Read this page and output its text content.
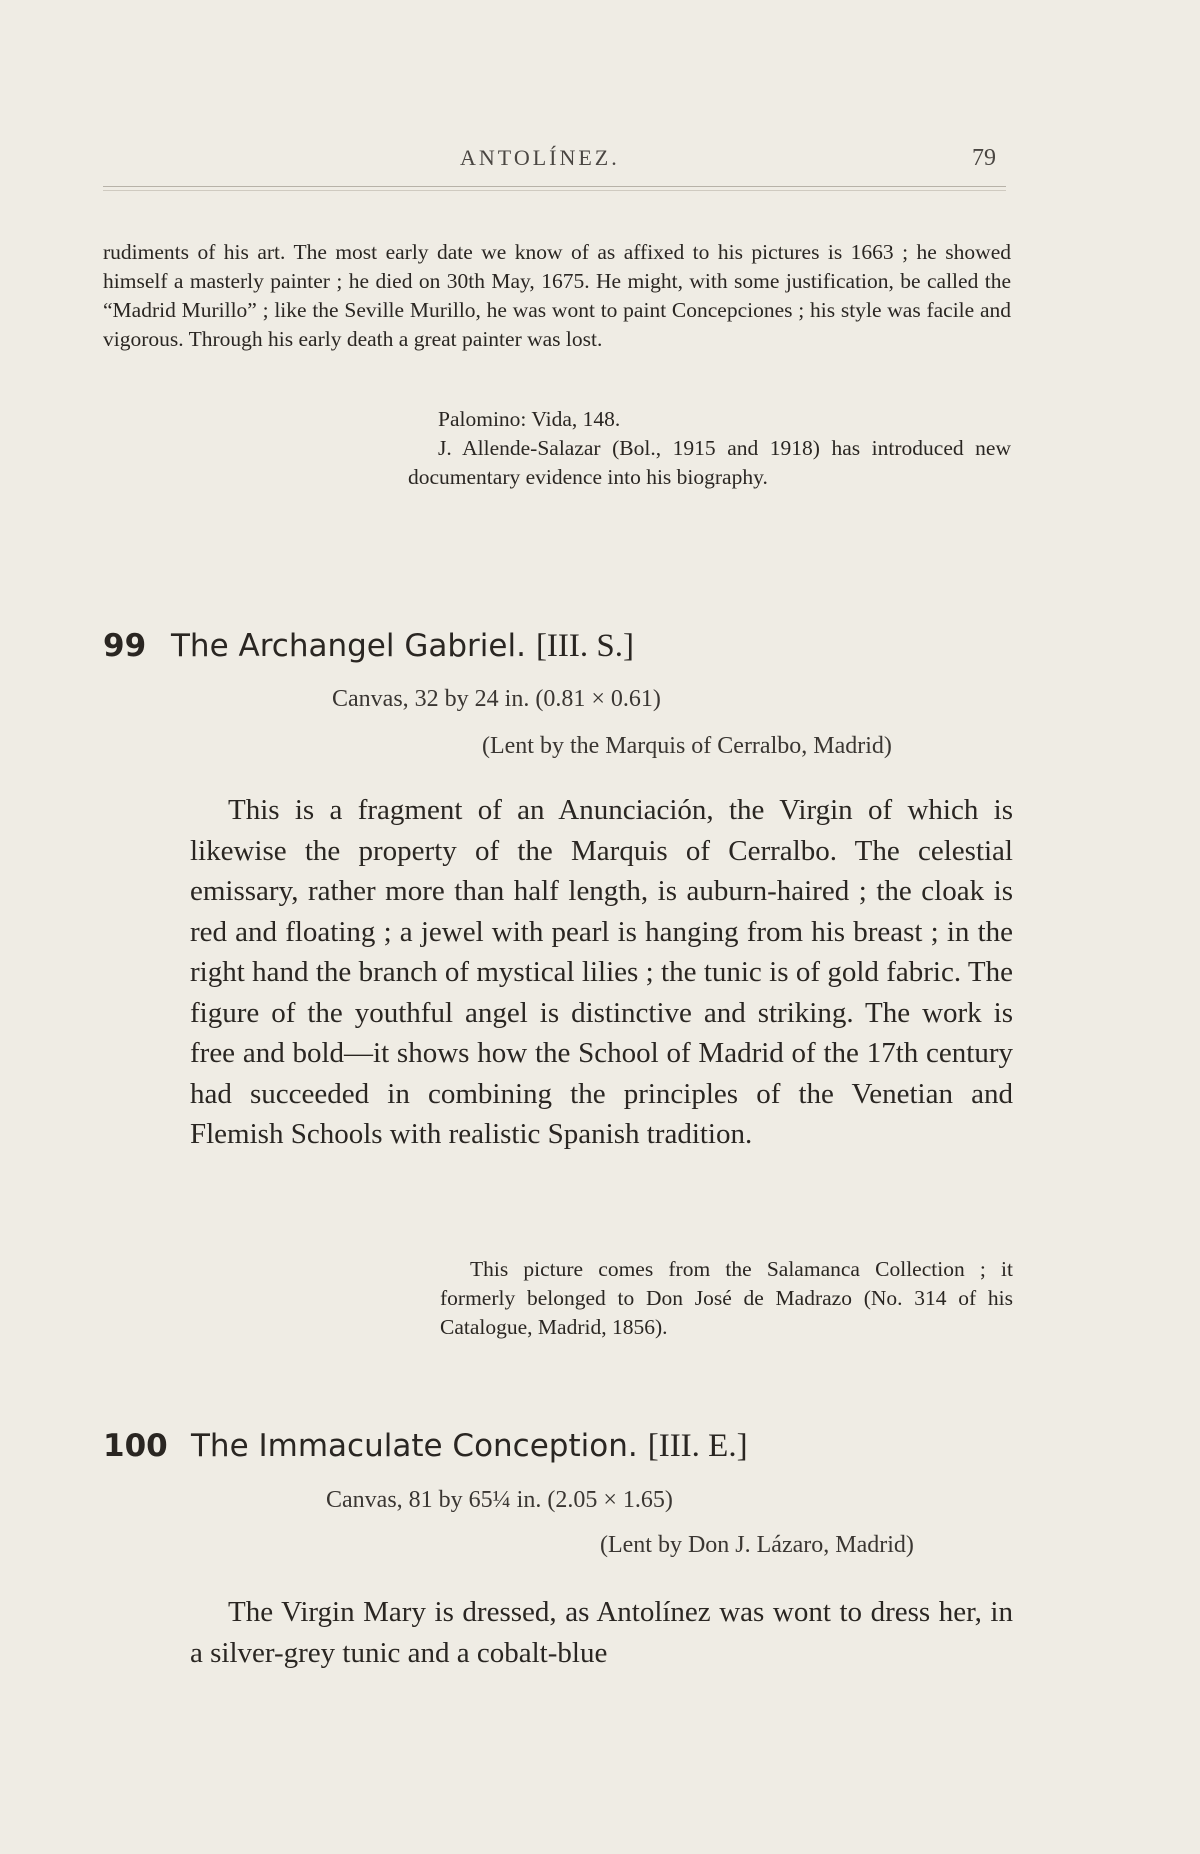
ANTOLÍNEZ.	79

rudiments of his art. The most early date we know of as affixed to his pictures is 1663 ; he showed himself a masterly painter ; he died on 30th May, 1675. He might, with some justification, be called the “Madrid Murillo” ; like the Seville Murillo, he was wont to paint Concepciones ; his style was facile and vigorous. Through his early death a great painter was lost.

Palomino: Vida, 148.

J. Allende-Salazar (Bol., 1915 and 1918) has introduced new documentary evidence into his biography.

99 The Archangel Gabriel. [III. S.]
Canvas, 32 by 24 in. (0.81 × 0.61)
(Lent by the Marquis of Cerralbo, Madrid)

This is a fragment of an Anunciación, the Virgin of which is likewise the property of the Marquis of Cerralbo. The celestial emissary, rather more than half length, is auburn-haired ; the cloak is red and floating ; a jewel with pearl is hanging from his breast ; in the right hand the branch of mystical lilies ; the tunic is of gold fabric. The figure of the youthful angel is distinctive and striking. The work is free and bold—it shows how the School of Madrid of the 17th century had succeeded in combining the principles of the Venetian and Flemish Schools with realistic Spanish tradition.

This picture comes from the Salamanca Collection ; it formerly belonged to Don José de Madrazo (No. 314 of his Catalogue, Madrid, 1856).

100 The Immaculate Conception. [III. E.]
Canvas, 81 by 65¼ in. (2.05 × 1.65)
(Lent by Don J. Lázaro, Madrid)

The Virgin Mary is dressed, as Antolínez was wont to dress her, in a silver-grey tunic and a cobalt-blue
